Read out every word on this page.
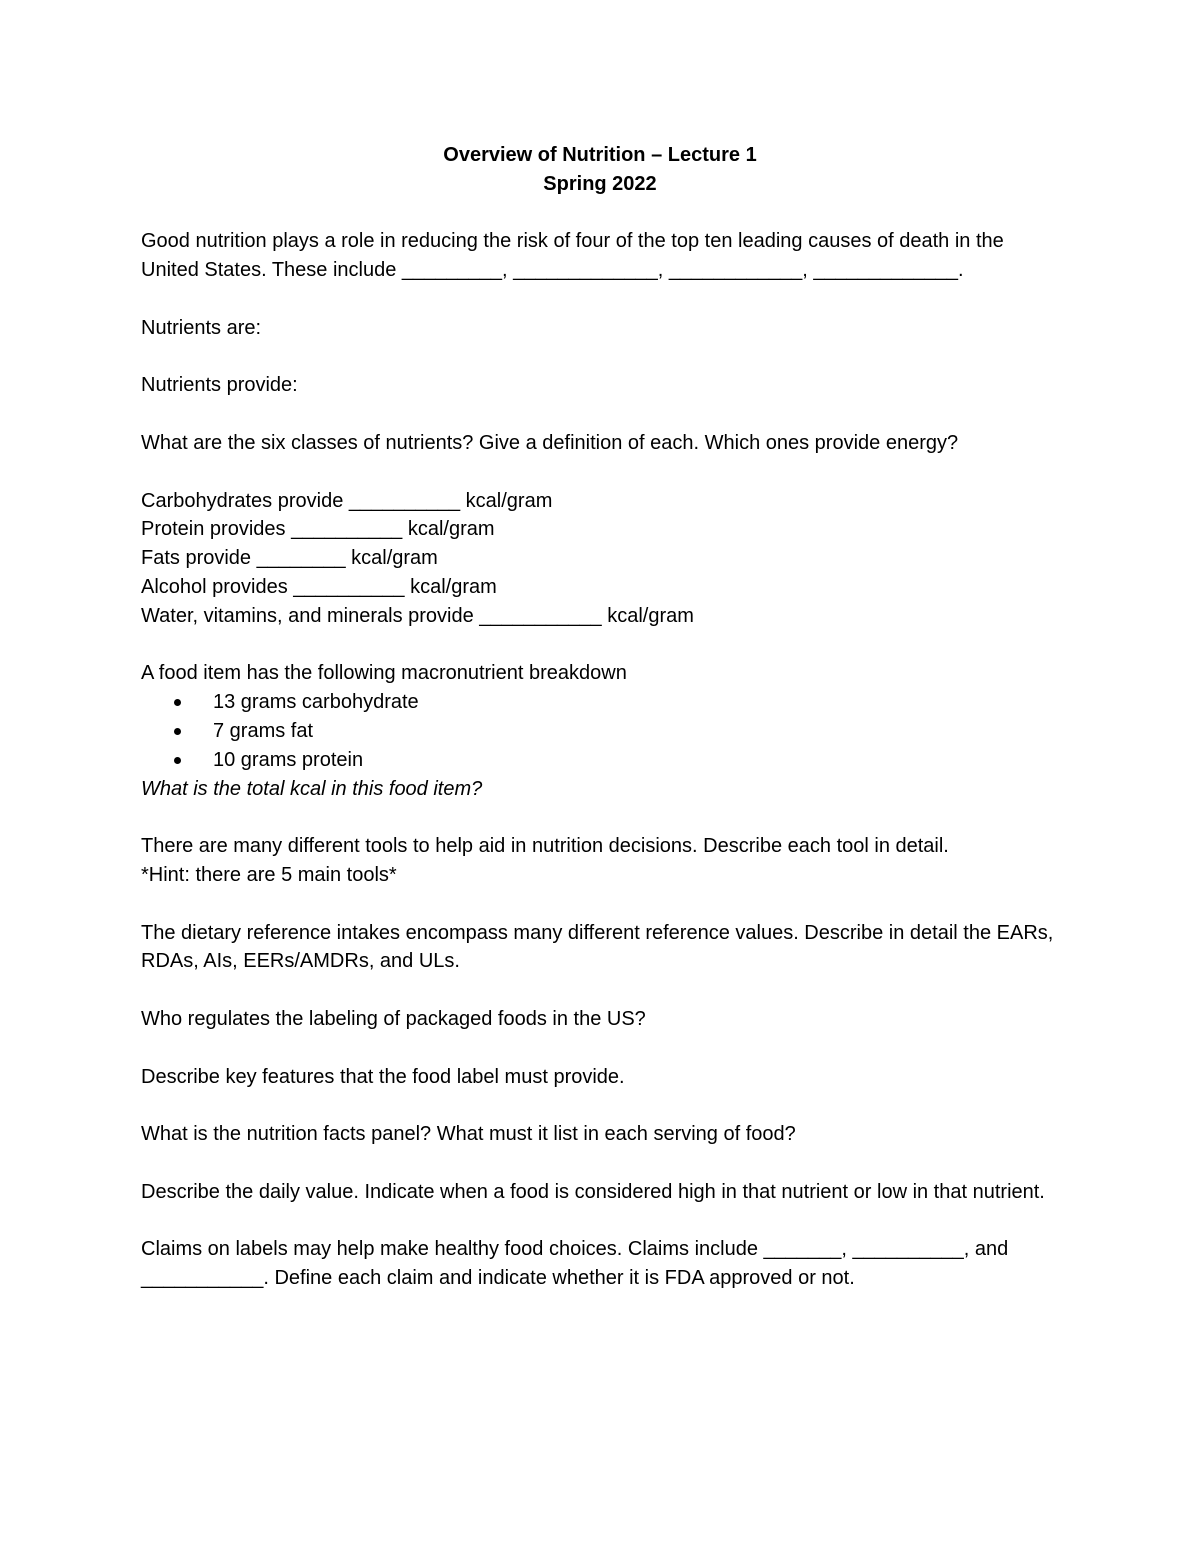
Overview of Nutrition – Lecture 1
Spring 2022

Good nutrition plays a role in reducing the risk of four of the top ten leading causes of death in the United States. These include _________, _____________, ____________, _____________.

Nutrients are:

Nutrients provide:

What are the six classes of nutrients? Give a definition of each. Which ones provide energy?

Carbohydrates provide __________ kcal/gram
Protein provides __________ kcal/gram
Fats provide ________ kcal/gram
Alcohol provides __________ kcal/gram
Water, vitamins, and minerals provide ___________ kcal/gram
A food item has the following macronutrient breakdown
13 grams carbohydrate
7 grams fat
10 grams protein
What is the total kcal in this food item?
There are many different tools to help aid in nutrition decisions. Describe each tool in detail.
*Hint: there are 5 main tools*

The dietary reference intakes encompass many different reference values. Describe in detail the EARs, RDAs, AIs, EERs/AMDRs, and ULs.

Who regulates the labeling of packaged foods in the US?

Describe key features that the food label must provide.

What is the nutrition facts panel? What must it list in each serving of food?

Describe the daily value. Indicate when a food is considered high in that nutrient or low in that nutrient.

Claims on labels may help make healthy food choices. Claims include _______, __________, and ___________. Define each claim and indicate whether it is FDA approved or not.
